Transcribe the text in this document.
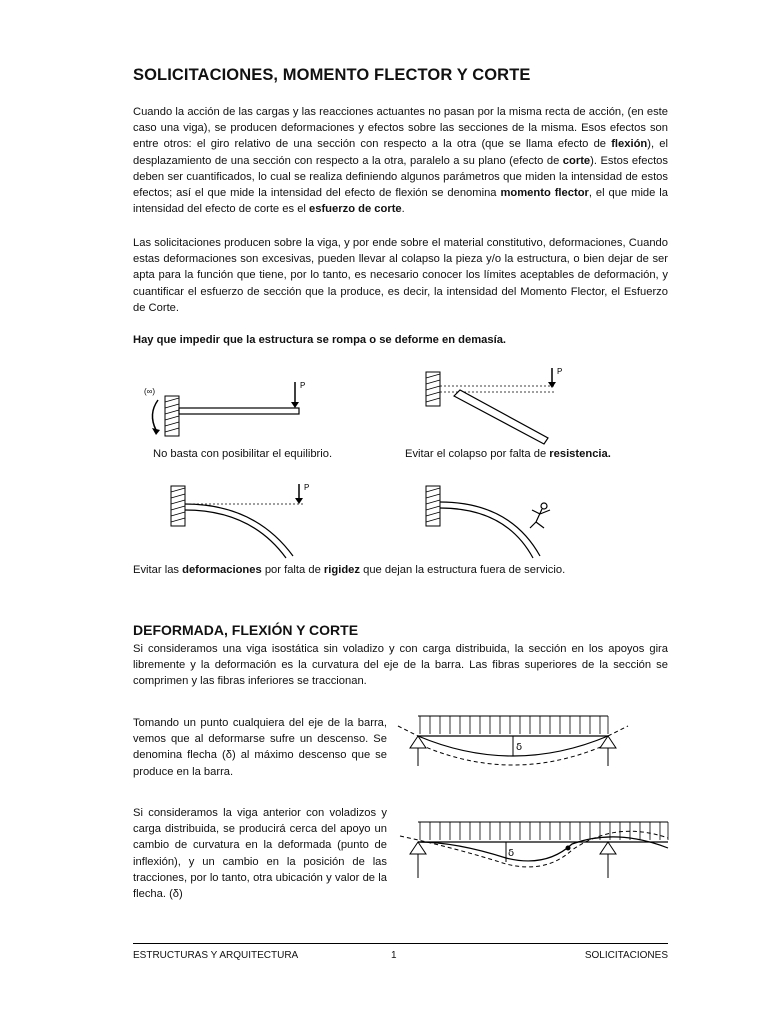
SOLICITACIONES, MOMENTO FLECTOR Y CORTE

Cuando la acción de las cargas y las reacciones actuantes no pasan por la misma recta de acción, (en este caso una viga), se producen deformaciones y efectos sobre las secciones de la misma. Esos efectos son entre otros: el giro relativo de una sección con respecto a la otra (que se llama efecto de flexión), el desplazamiento de una sección con respecto a la otra, paralelo a su plano (efecto de corte). Estos efectos deben ser cuantificados, lo cual se realiza definiendo algunos parámetros que miden la intensidad de estos efectos; así el que mide la intensidad del efecto de flexión se denomina momento flector, el que mide la intensidad del efecto de corte es el esfuerzo de corte.

Las solicitaciones producen sobre la viga, y por ende sobre el material constitutivo, deformaciones, Cuando estas deformaciones son excesivas, pueden llevar al colapso la pieza y/o la estructura, o bien dejar de ser apta para la función que tiene, por lo tanto, es necesario conocer los límites aceptables de deformación, y cuantificar el esfuerzo de sección que la produce, es decir, la intensidad del Momento Flector, el Esfuerzo de Corte.

Hay que impedir que la estructura se rompa o se deforme en demasía.

P
(∞)
P

No basta con posibilitar el equilibrio.	Evitar el colapso por falta de resistencia.

P

Evitar las deformaciones por falta de rigidez que dejan la estructura fuera de servicio.

DEFORMADA, FLEXIÓN Y CORTE

Si consideramos una viga isostática sin voladizo y con carga distribuida, la sección en los apoyos gira libremente y la deformación es la curvatura del eje de la barra. Las fibras superiores de la sección se comprimen y las fibras inferiores se traccionan.

Tomando un punto cualquiera del eje de la barra, vemos que al deformarse sufre un descenso. Se denomina flecha (δ) al máximo descenso que se produce en la barra.

δ

Si consideramos la viga anterior con voladizos y carga distribuida, se producirá cerca del apoyo un cambio de curvatura en la deformada (punto de inflexión), y un cambio en la posición de las tracciones, por lo tanto, otra ubicación y valor de la flecha. (δ)

δ
ESTRUCTURAS Y ARQUITECTURA	1	SOLICITACIONES
